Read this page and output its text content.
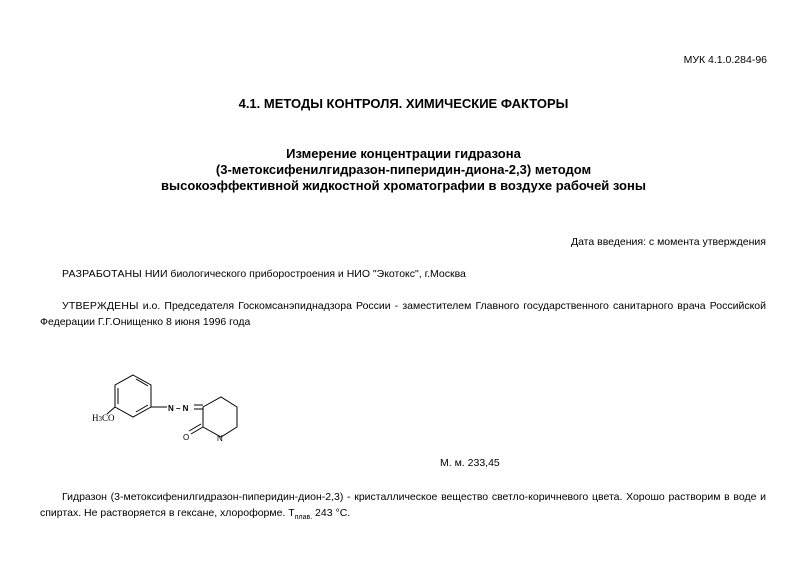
МУК 4.1.0.284-96
4.1. МЕТОДЫ КОНТРОЛЯ. ХИМИЧЕСКИЕ ФАКТОРЫ
Измерение концентрации гидразона
(3-метоксифенилгидразон-пиперидин-диона-2,3) методом
высокоэффективной жидкостной хроматографии в воздухе рабочей зоны
Дата введения: с момента утверждения
РАЗРАБОТАНЫ НИИ биологического приборостроения и НИО "Экотокс", г.Москва
УТВЕРЖДЕНЫ и.о. Председателя Госкомсанэпиднадзора России - заместителем Главного государственного санитарного врача Российской Федерации Г.Г.Онищенко 8 июня 1996 года
H3CO
N – N
O	N
М. м. 233,45
Гидразон (3-метоксифенилгидразон-пиперидин-дион-2,3) - кристаллическое вещество светло-коричневого цвета. Хорошо растворим в воде и спиртах. Не растворяется в гексане, хлороформе. $Т_{плав.}$ 243 °С.
